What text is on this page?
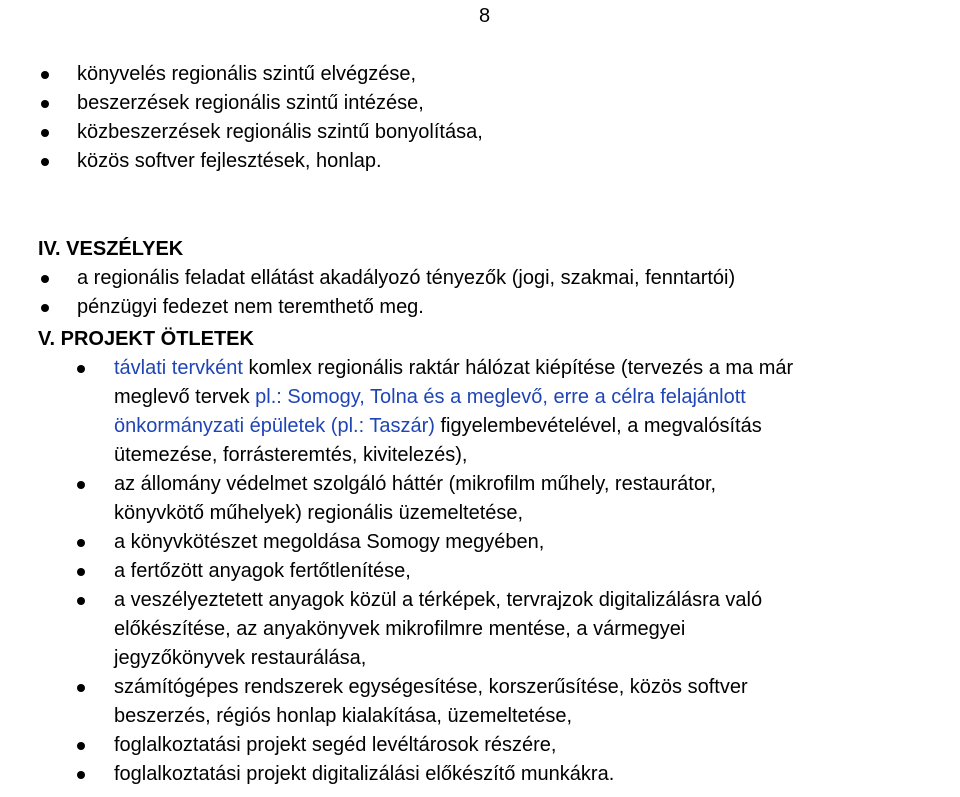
8
könyvelés regionális szintű elvégzése,
beszerzések regionális szintű intézése,
közbeszerzések regionális szintű bonyolítása,
közös softver fejlesztések, honlap.
IV. VESZÉLYEK
a regionális feladat ellátást akadályozó tényezők (jogi, szakmai, fenntartói)
pénzügyi fedezet nem teremthető meg.
V. PROJEKT ÖTLETEK
távlati tervként komlex regionális raktár hálózat kiépítése (tervezés a ma már
meglevő tervek pl.: Somogy, Tolna és a meglevő, erre a célra felajánlott
önkormányzati épületek (pl.: Taszár) figyelembevételével, a megvalósítás
ütemezése, forrásteremtés, kivitelezés),
az állomány védelmet szolgáló háttér (mikrofilm műhely, restaurátor,
könyvkötő műhelyek) regionális üzemeltetése,
a könyvkötészet megoldása Somogy megyében,
a fertőzött anyagok fertőtlenítése,
a veszélyeztetett anyagok közül a térképek, tervrajzok digitalizálásra való
előkészítése, az anyakönyvek mikrofilmre mentése, a vármegyei
jegyzőkönyvek restaurálása,
számítógépes rendszerek egységesítése, korszerűsítése, közös softver
beszerzés, régiós honlap kialakítása, üzemeltetése,
foglalkoztatási projekt segéd levéltárosok részére,
foglalkoztatási projekt digitalizálási előkészítő munkákra.
